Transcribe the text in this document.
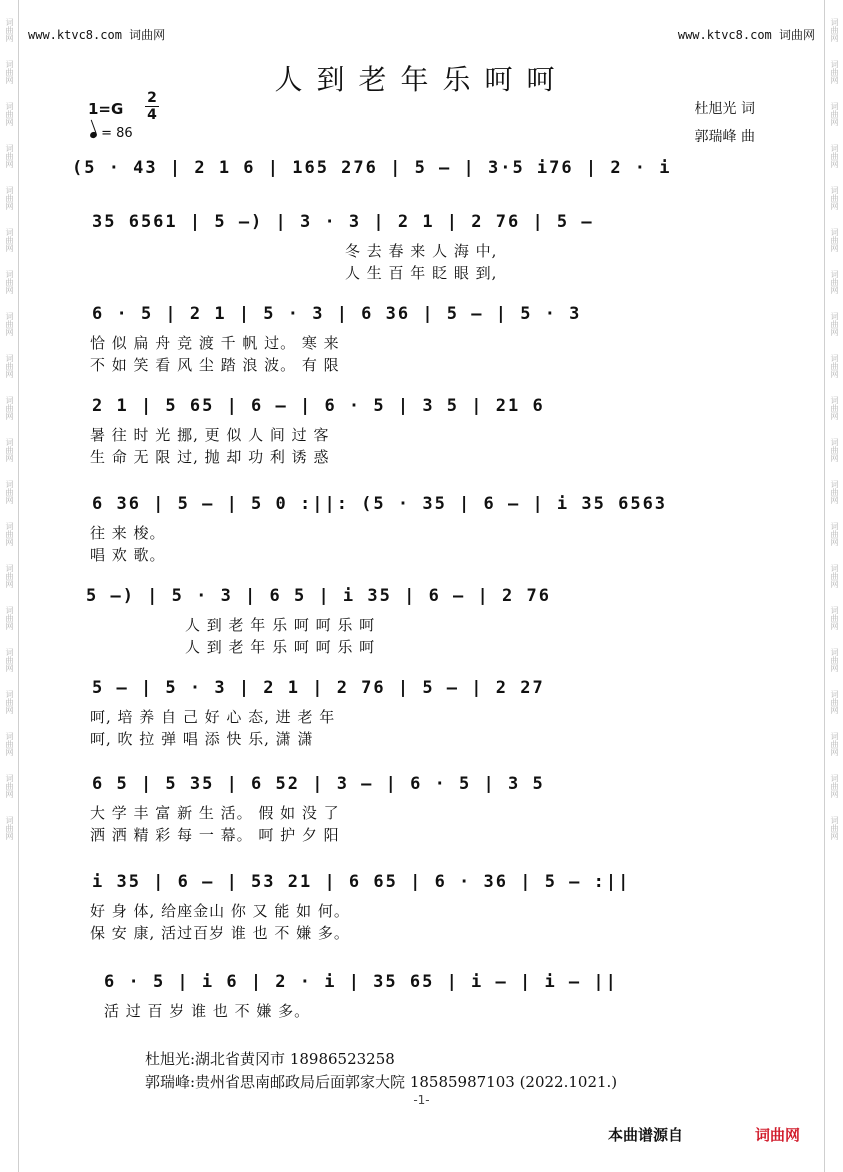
词曲网
词曲网
词曲网
词曲网
词曲网
词曲网
词曲网
词曲网
词曲网
词曲网
词曲网
词曲网
词曲网
词曲网
词曲网
词曲网
词曲网
词曲网
词曲网
词曲网
词曲网
词曲网
词曲网
词曲网
词曲网
词曲网
词曲网
词曲网
词曲网
词曲网
词曲网
词曲网
词曲网
词曲网
词曲网
词曲网
词曲网
词曲网
词曲网
词曲网
www.ktvc8.com 词曲网	www.ktvc8.com 词曲网
人到老年乐呵呵
1=G
2
4
= 86
杜旭光 词
郭瑞峰 曲
(5 · 43 | 2 1 6 | 165 276 | 5 — | 3·5 i76 | 2 · i
35 6561 | 5 —) | 3 · 3 | 2 1 | 2 76 | 5 —
冬 去 春 来 人 海 中,
人 生 百 年 眨 眼 到,
6 · 5 | 2 1 | 5 · 3 | 6 36 | 5 — | 5 · 3
恰 似 扁 舟 竞 渡 千 帆 过。 寒 来
不 如 笑 看 风 尘 踏 浪 波。 有 限
2 1 | 5 65 | 6 — | 6 · 5 | 3 5 | 21 6
暑 往 时 光 挪, 更 似 人 间 过 客
生 命 无 限 过, 抛 却 功 利 诱 惑
6 36 | 5 — | 5 0 :||: (5 · 35 | 6 — | i 35 6563
往 来 梭。
唱 欢 歌。
5 —) | 5 · 3 | 6 5 | i 35 | 6 — | 2 76
人 到 老 年 乐 呵 呵 乐 呵
人 到 老 年 乐 呵 呵 乐 呵
5 — | 5 · 3 | 2 1 | 2 76 | 5 — | 2 27
呵, 培 养 自 己 好 心 态, 进 老 年
呵, 吹 拉 弹 唱 添 快 乐, 潇 潇
6 5 | 5 35 | 6 52 | 3 — | 6 · 5 | 3 5
大 学 丰 富 新 生 活。 假 如 没 了
洒 洒 精 彩 每 一 幕。 呵 护 夕 阳
i 35 | 6 — | 53 21 | 6 65 | 6 · 36 | 5 — :||
好 身 体, 给座金山 你 又 能 如 何。
保 安 康, 活过百岁 谁 也 不 嫌 多。
6 · 5 | i 6 | 2 · i | 35 65 | i — | i — ||
活 过 百 岁 谁 也 不 嫌 多。
杜旭光:湖北省黄冈市 18986523258
郭瑞峰:贵州省思南邮政局后面郭家大院 18585987103 (2022.1021.)
-1-
本曲谱源自	词曲网
